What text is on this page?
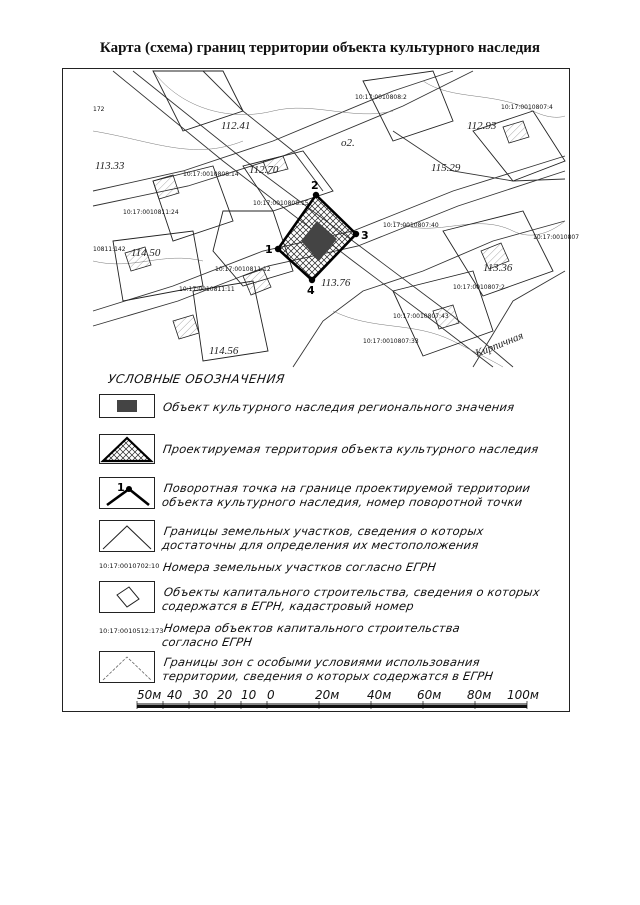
Карта (схема) границ территории объекта культурного наследия
1
2
3
4
10:17:0010808:2
10:17:0010807:4
10:17:0010808:14
10:17:0010808:15
10:17:0010811:24
10:17:0010807:40
10:17:0010807
10:17:0010811:12
10811:142
10:17:0010811:11	10:17:0010807:2
10:17:0010807:43
10:17:0010807:33
112.41
112.70
114.56
113.76
113.36
113.33
114.50
115.29
112.93
172
о2.
Кирпичная
УСЛОВНЫЕ ОБОЗНАЧЕНИЯ
Объект культурного наследия регионального значения
Проектируемая территория объекта культурного наследия
1	Поворотная точка на границе проектируемой территории
объекта культурного наследия, номер поворотной точки
Границы земельных участков, сведения о которых
достаточны для определения их местоположения
10:17:0010702:10 Номера земельных участков согласно ЕГРН
Объекты капитального строительства, сведения о которых
содержатся в ЕГРН, кадастровый номер
10:17:0010512:173 Номера объектов капитального строительства
согласно ЕГРН
Границы зон с особыми условиями использования
территории, сведения о которых содержатся в ЕГРН
50м 40 30 20 10 0	20м 40м 60м 80м 100м
